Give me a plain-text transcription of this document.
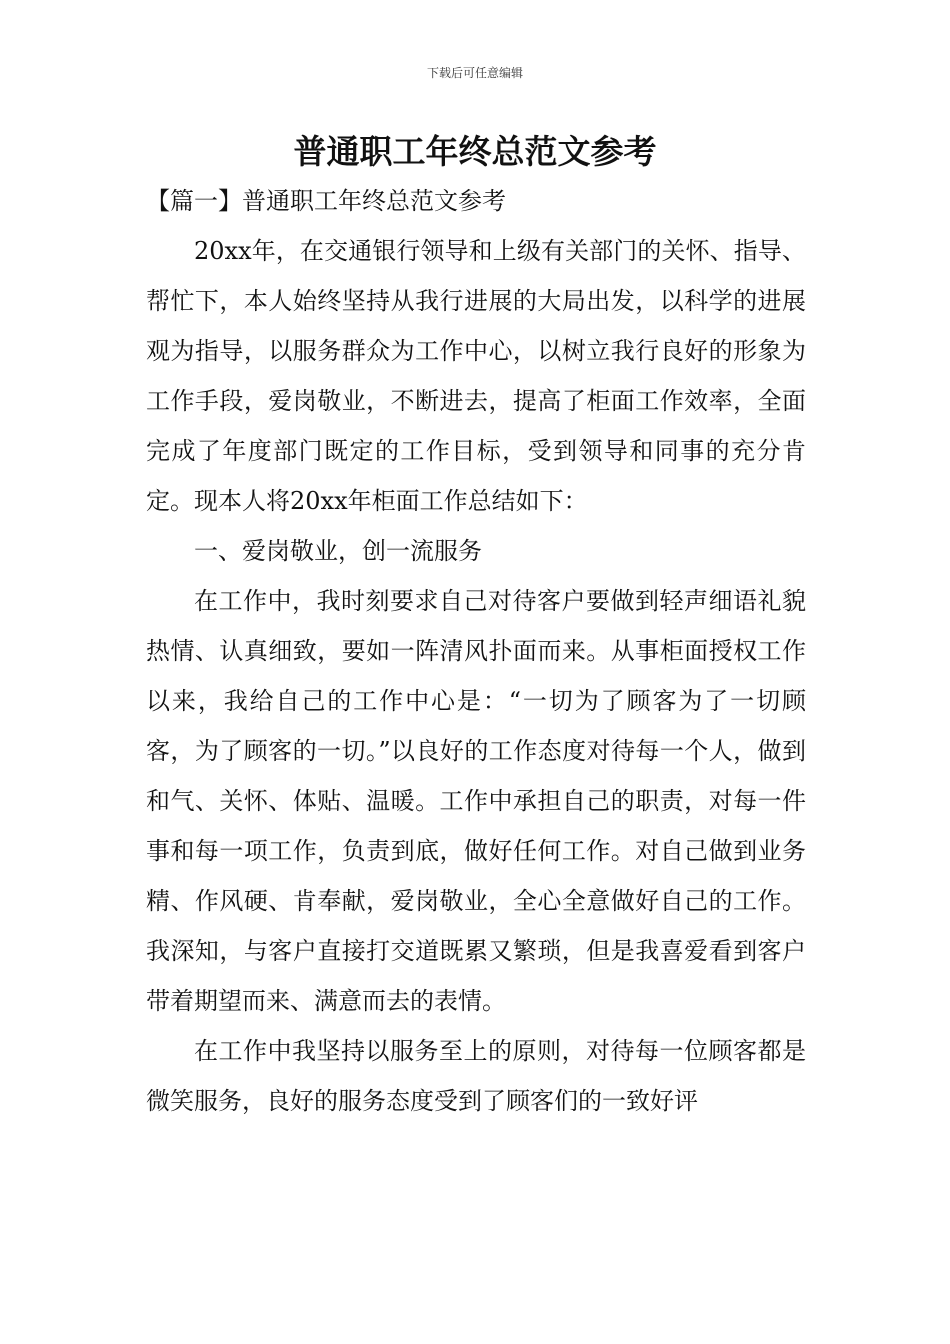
下载后可任意编辑
普通职工年终总范文参考

【篇一】普通职工年终总范文参考

20xx年，在交通银行领导和上级有关部门的关怀、指导、帮忙下，本人始终坚持从我行进展的大局出发，以科学的进展观为指导，以服务群众为工作中心，以树立我行良好的形象为工作手段，爱岗敬业，不断进去，提高了柜面工作效率，全面完成了年度部门既定的工作目标，受到领导和同事的充分肯定。现本人将20xx年柜面工作总结如下：

一、爱岗敬业，创一流服务

在工作中，我时刻要求自己对待客户要做到轻声细语礼貌热情、认真细致，要如一阵清风扑面而来。从事柜面授权工作以来，我给自己的工作中心是：“一切为了顾客为了一切顾客，为了顾客的一切。”以良好的工作态度对待每一个人，做到和气、关怀、体贴、温暖。工作中承担自己的职责，对每一件事和每一项工作，负责到底，做好任何工作。对自己做到业务精、作风硬、肯奉献，爱岗敬业，全心全意做好自己的工作。我深知，与客户直接打交道既累又繁琐，但是我喜爱看到客户带着期望而来、满意而去的表情。

在工作中我坚持以服务至上的原则，对待每一位顾客都是微笑服务，良好的服务态度受到了顾客们的一致好评
